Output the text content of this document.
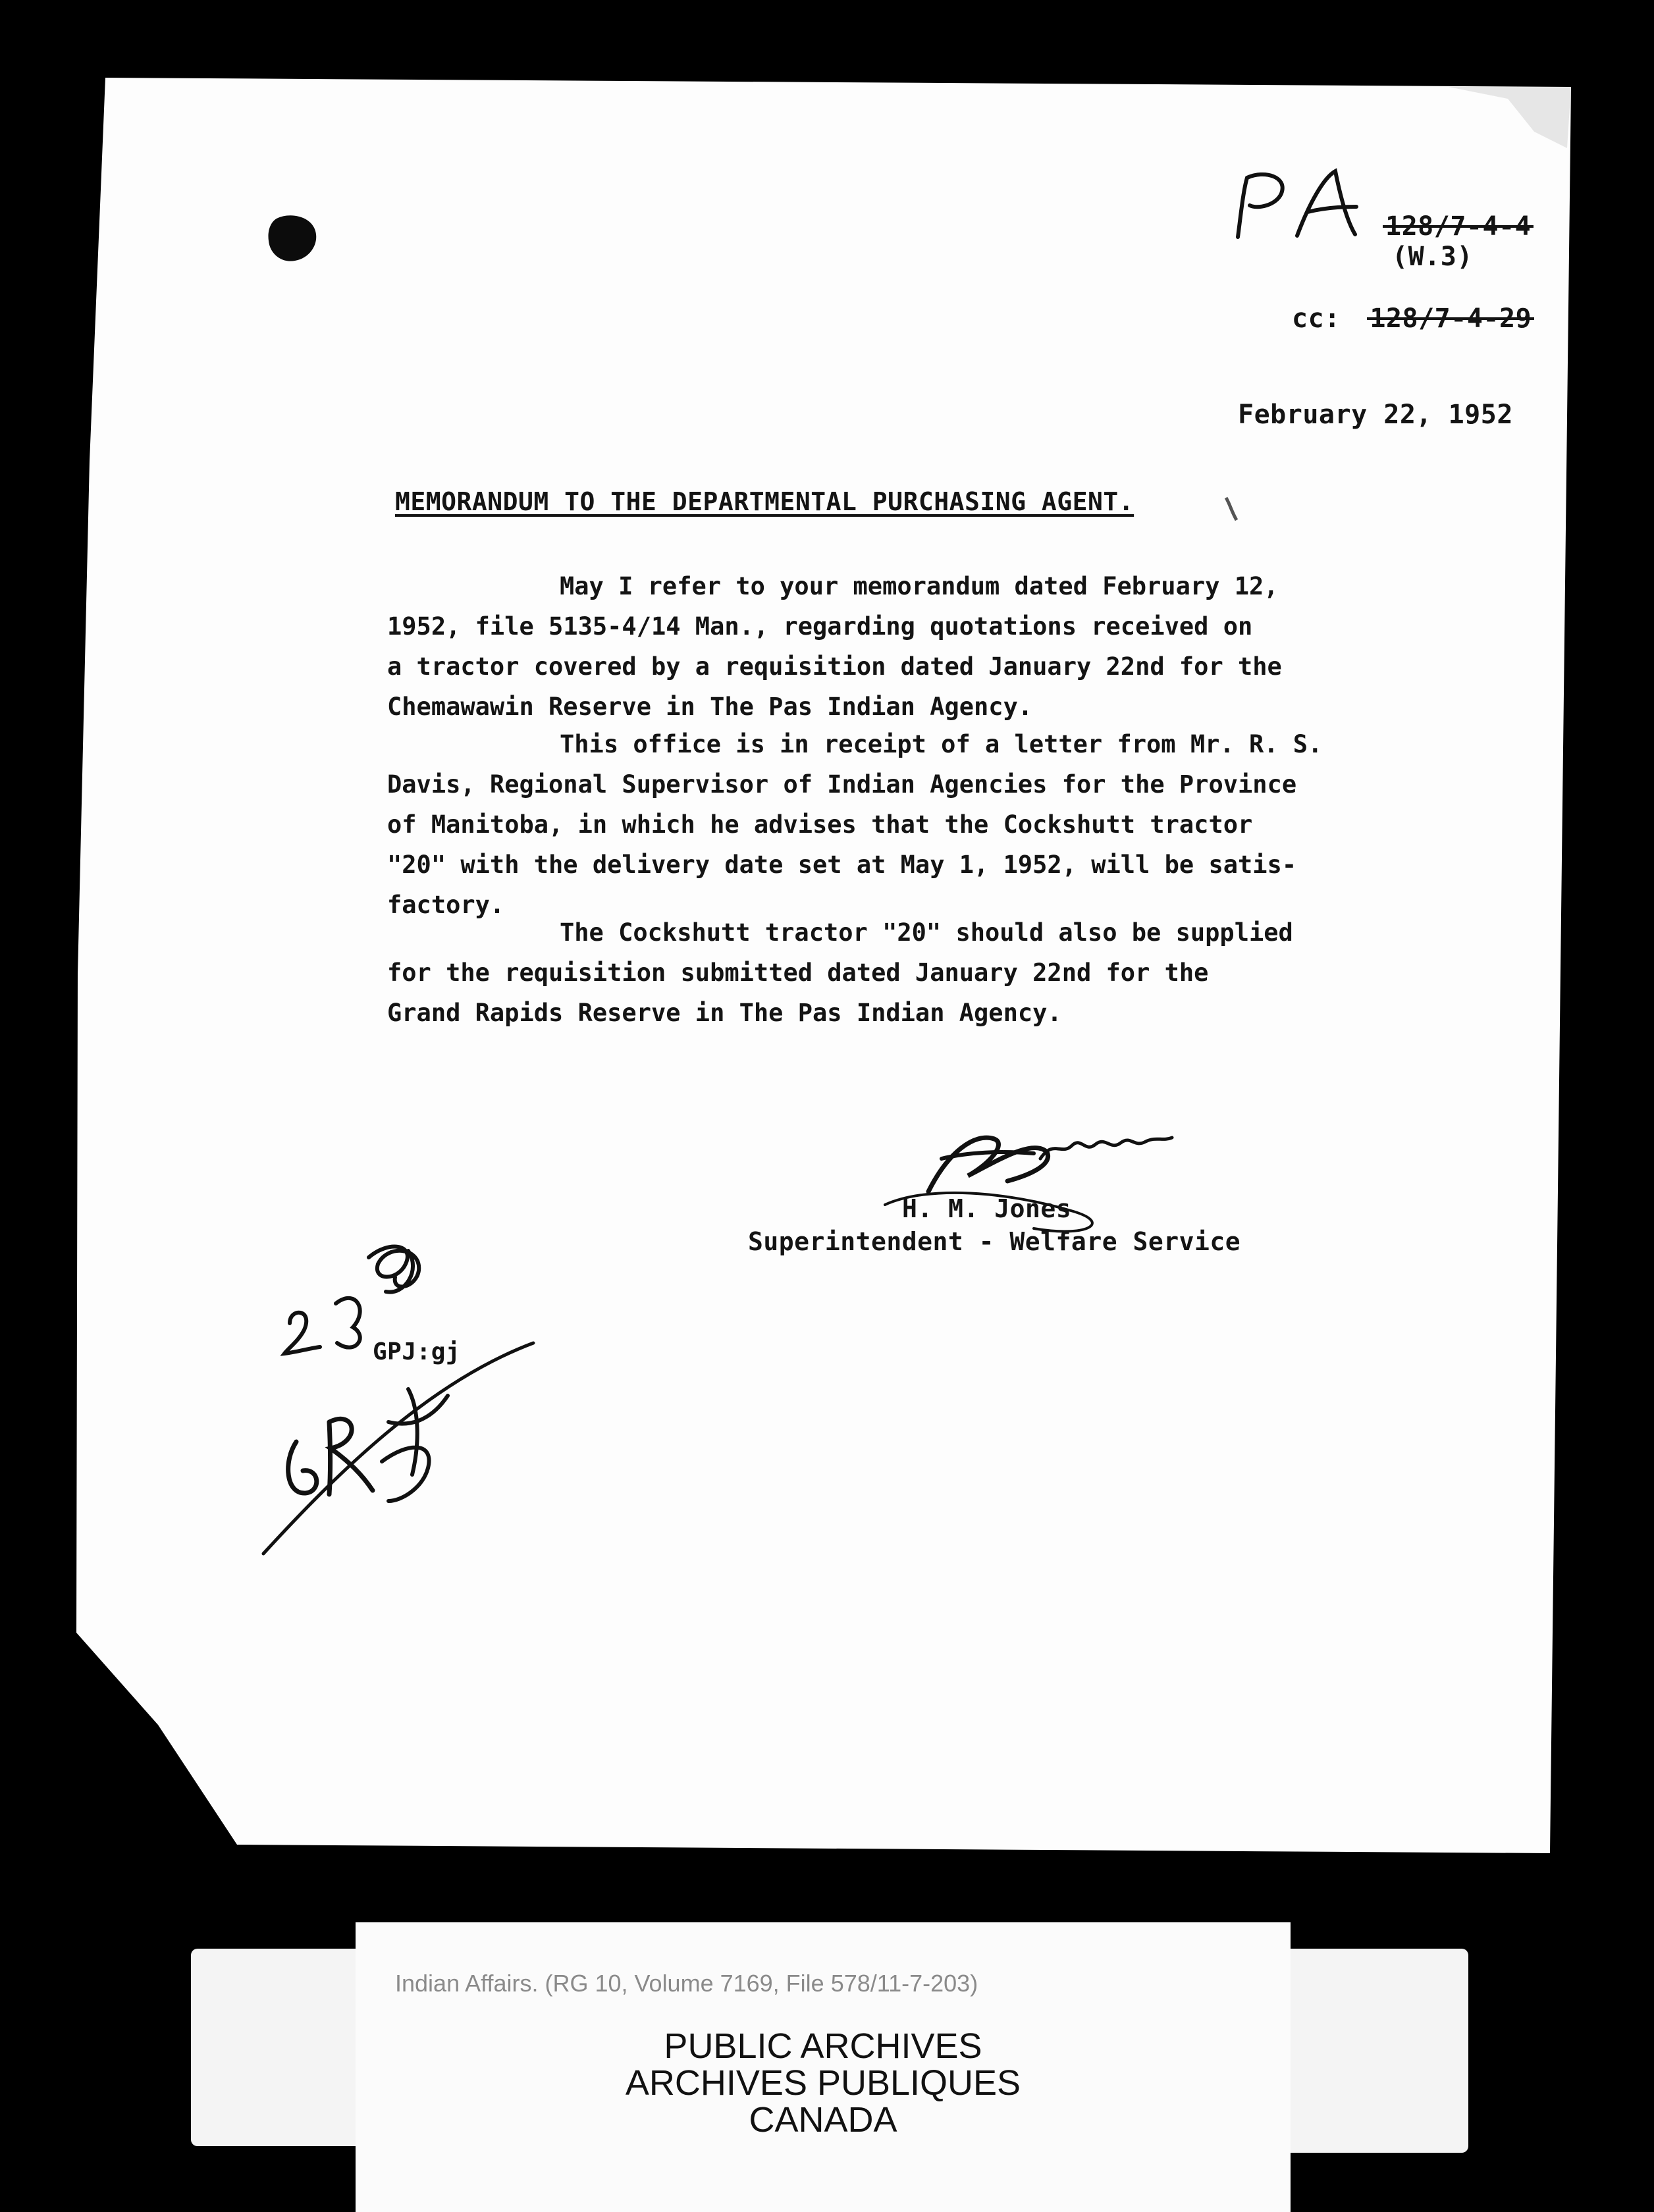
128/7-4-4
(W.3)
cc: 128/7-4-29
February 22, 1952
MEMORANDUM TO THE DEPARTMENTAL PURCHASING AGENT.
May I refer to your memorandum dated February 12,
1952, file 5135-4/14 Man., regarding quotations received on
a tractor covered by a requisition dated January 22nd for the
Chemawawin Reserve in The Pas Indian Agency.
This office is in receipt of a letter from Mr. R. S.
Davis, Regional Supervisor of Indian Agencies for the Province
of Manitoba, in which he advises that the Cockshutt tractor
"20" with the delivery date set at May 1, 1952, will be satis-
factory.
The Cockshutt tractor "20" should also be supplied
for the requisition submitted dated January 22nd for the
Grand Rapids Reserve in The Pas Indian Agency.
H. M. Jones
Superintendent - Welfare Service
GPJ:gj
Indian Affairs. (RG 10, Volume 7169, File 578/11-7-203)
PUBLIC ARCHIVES
ARCHIVES PUBLIQUES
CANADA
